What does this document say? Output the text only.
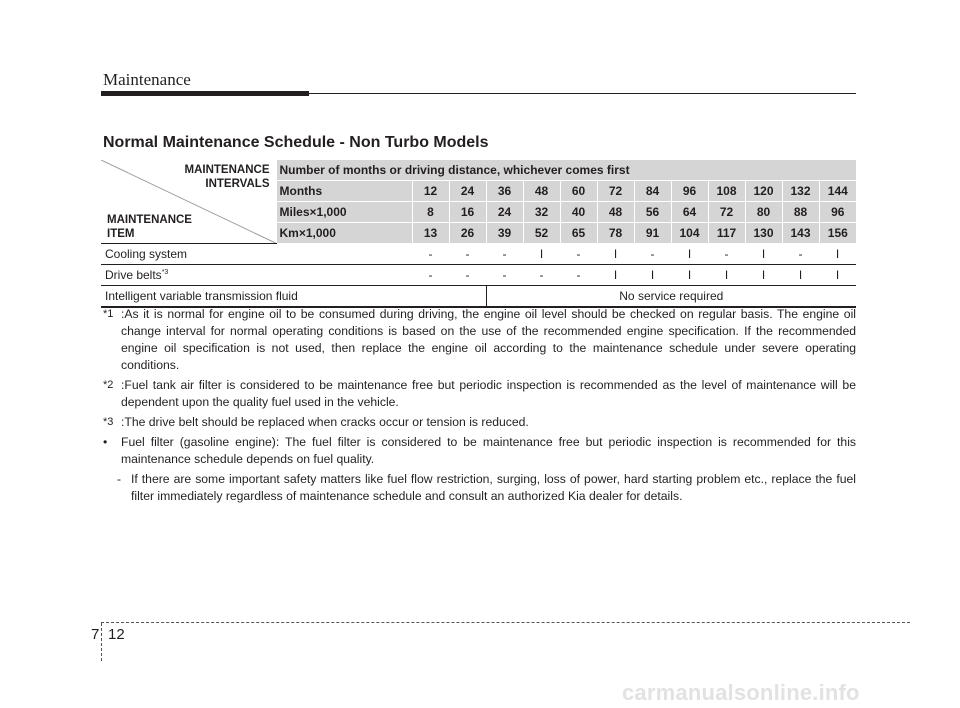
Maintenance
Normal Maintenance Schedule - Non Turbo Models
MAINTENANCE
INTERVALS
MAINTENANCE
ITEM	Number of months or driving distance, whichever comes first												
	Months	12	24	36	48	60	72	84	96	108	120	132	144
	Miles×1,000	8	16	24	32	40	48	56	64	72	80	88	96
	Km×1,000	13	26	39	52	65	78	91	104	117	130	143	156
Cooling system		-	-	-	I	-	I	-	I	-	I	-	I
Drive belts$^{*3}$		-	-	-	-	-	I	I	I	I	I	I	I
Intelligent variable transmission fluid				No service required									
*1 :As it is normal for engine oil to be consumed during driving, the engine oil level should be checked on regular basis. The engine oil change interval for normal operating conditions is based on the use of the recommended engine specification. If the recommended engine oil specification is not used, then replace the engine oil according to the maintenance schedule under severe operating conditions.
*2 :Fuel tank air filter is considered to be maintenance free but periodic inspection is recommended as the level of maintenance will be dependent upon the quality fuel used in the vehicle.
*3 :The drive belt should be replaced when cracks occur or tension is reduced.
• Fuel filter (gasoline engine): The fuel filter is considered to be maintenance free but periodic inspection is recommended for this maintenance schedule depends on fuel quality.
- If there are some important safety matters like fuel flow restriction, surging, loss of power, hard starting problem etc., replace the fuel filter immediately regardless of maintenance schedule and consult an authorized Kia dealer for details.
7 12
carmanualsonline.info
